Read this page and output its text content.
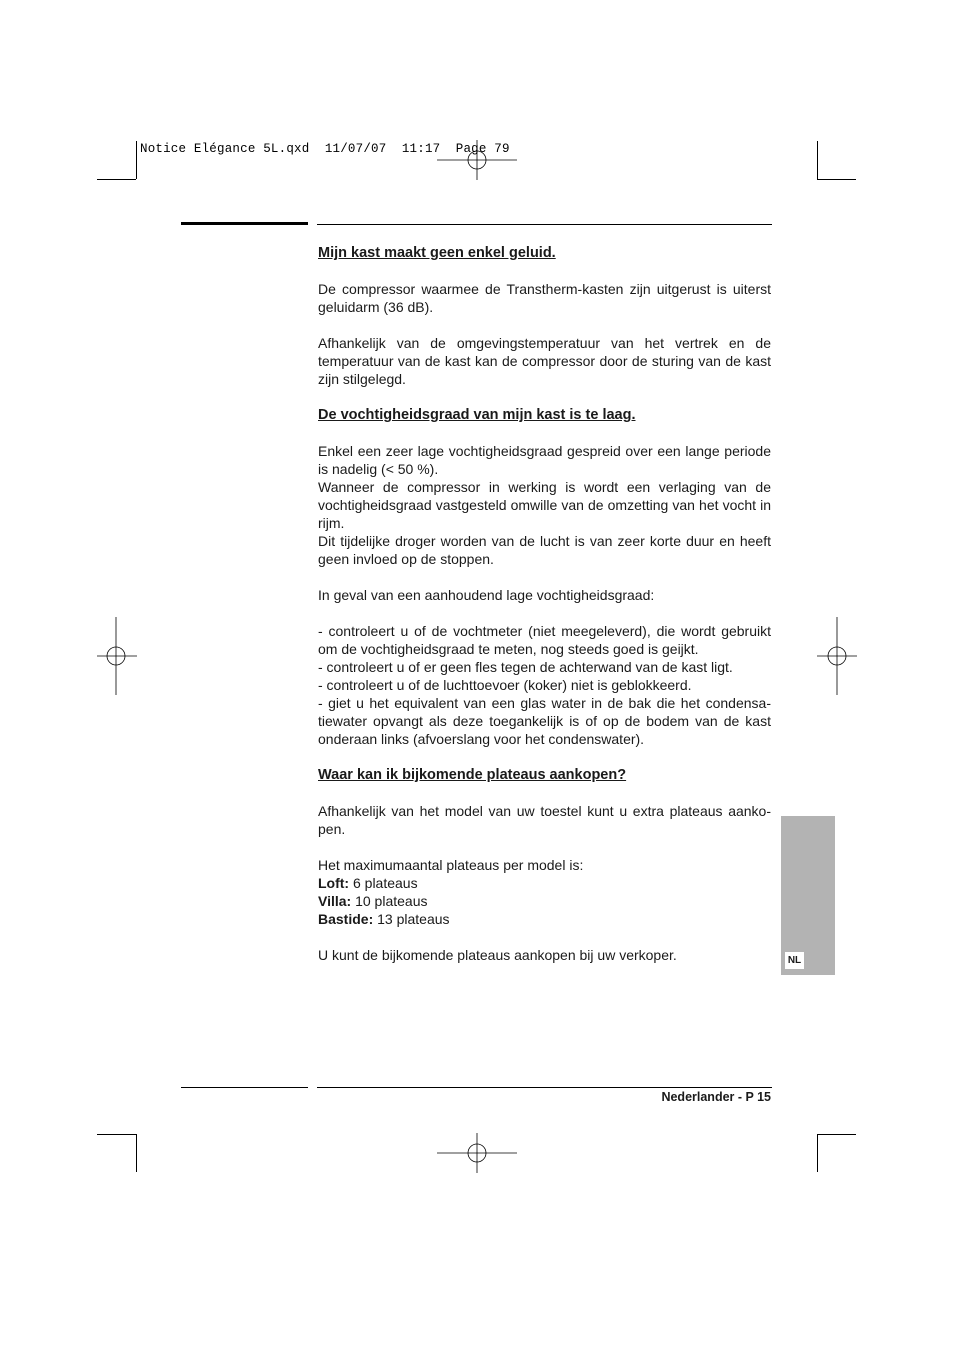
Notice Elégance 5L.qxd  11/07/07  11:17  Page 79
Mijn kast maakt geen enkel geluid.

De compressor waarmee de Transtherm-kasten zijn uitgerust is uiterst geluidarm (36 dB).

Afhankelijk van de omgevingstemperatuur van het vertrek en de temperatuur van de kast kan de compressor door de sturing van de kast zijn stilgelegd.

De vochtigheidsgraad van mijn kast is te laag.
Enkel een zeer lage vochtigheidsgraad gespreid over een lange periode is nadelig (< 50 %).
Wanneer de compressor in werking is wordt een verlaging van de vochtigheidsgraad vastgesteld omwille van de omzetting van het vocht in rijm.
Dit tijdelijke droger worden van de lucht is van zeer korte duur en heeft geen invloed op de stoppen.

In geval van een aanhoudend lage vochtigheidsgraad:

- controleert u of de vochtmeter (niet meegeleverd), die wordt gebruikt om de vochtigheidsgraad te meten, nog steeds goed is geijkt.
- controleert u of er geen fles tegen de achterwand van de kast ligt.
- controleert u of de luchttoevoer (koker) niet is geblokkeerd.
- giet u het equivalent van een glas water in de bak die het condensa-tiewater opvangt als deze toegankelijk is of op de bodem van de kast onderaan links (afvoerslang voor het condenswater).
Waar kan ik bijkomende plateaus aankopen?

Afhankelijk van het model van uw toestel kunt u extra plateaus aanko-pen.

Het maximumaantal plateaus per model is:
Loft: 6 plateaus
Villa: 10 plateaus
Bastide: 13 plateaus

U kunt de bijkomende plateaus aankopen bij uw verkoper.	NL
Nederlander - P 15
